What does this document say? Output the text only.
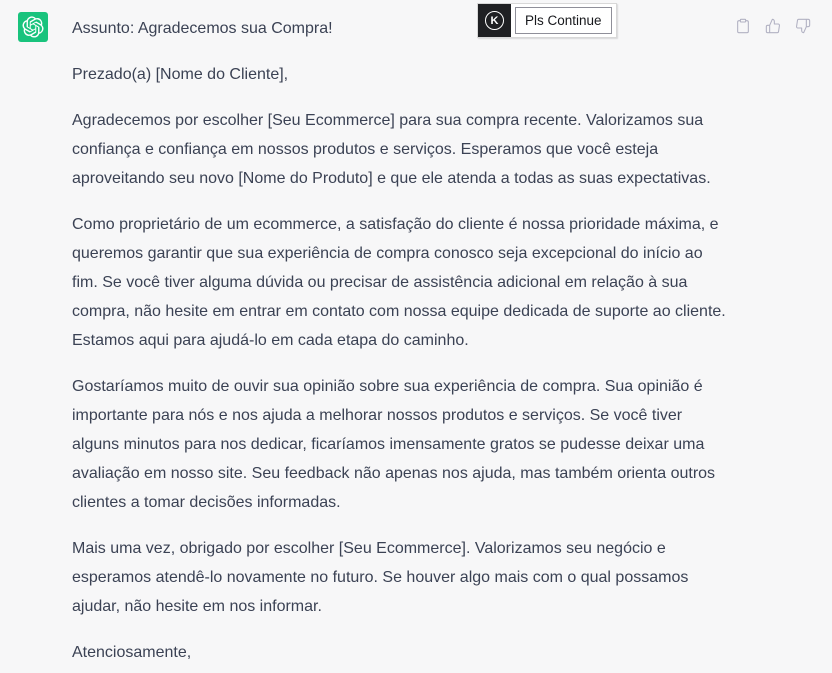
Assunto: Agradecemos sua Compra!

Prezado(a) [Nome do Cliente],

Agradecemos por escolher [Seu Ecommerce] para sua compra recente. Valorizamos sua confiança e confiança em nossos produtos e serviços. Esperamos que você esteja aproveitando seu novo [Nome do Produto] e que ele atenda a todas as suas expectativas.

Como proprietário de um ecommerce, a satisfação do cliente é nossa prioridade máxima, e queremos garantir que sua experiência de compra conosco seja excepcional do início ao fim. Se você tiver alguma dúvida ou precisar de assistência adicional em relação à sua compra, não hesite em entrar em contato com nossa equipe dedicada de suporte ao cliente. Estamos aqui para ajudá-lo em cada etapa do caminho.

Gostaríamos muito de ouvir sua opinião sobre sua experiência de compra. Sua opinião é importante para nós e nos ajuda a melhorar nossos produtos e serviços. Se você tiver alguns minutos para nos dedicar, ficaríamos imensamente gratos se pudesse deixar uma avaliação em nosso site. Seu feedback não apenas nos ajuda, mas também orienta outros clientes a tomar decisões informadas.

Mais uma vez, obrigado por escolher [Seu Ecommerce]. Valorizamos seu negócio e esperamos atendê-lo novamente no futuro. Se houver algo mais com o qual possamos ajudar, não hesite em nos informar.

Atenciosamente,

K	Pls Continue
